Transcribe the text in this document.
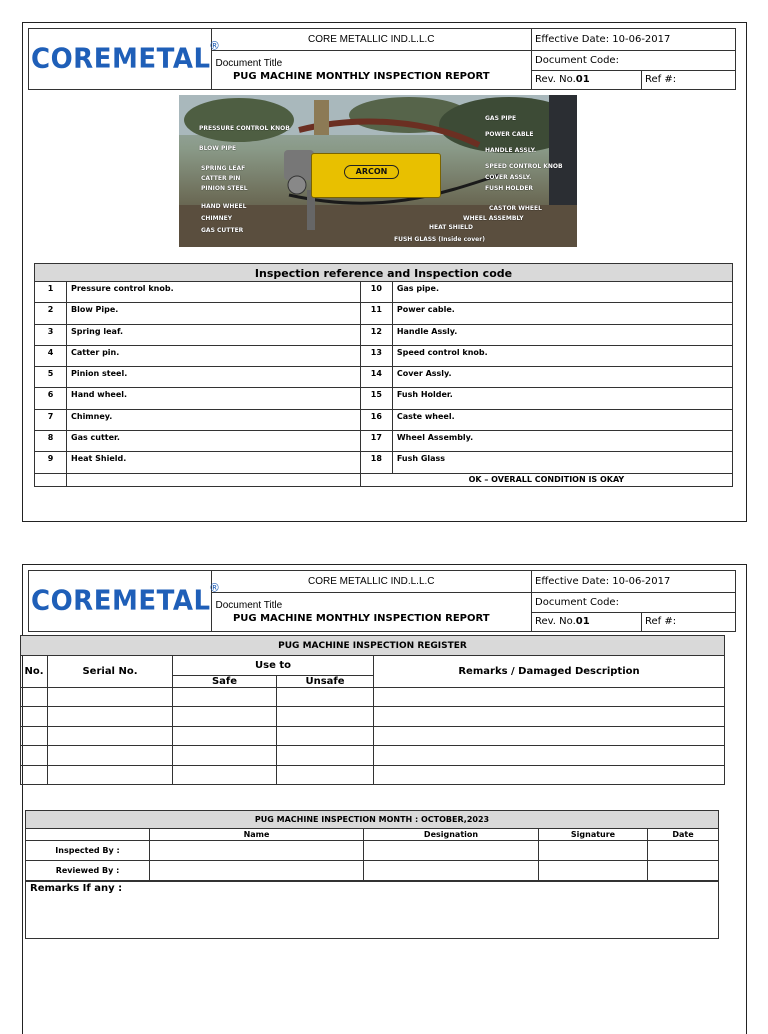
COREMETAL
®	CORE METALLIC IND.L.L.C	Effective Date: 10-06-2017	

	Document Title
PUG MACHINE MONTHLY INSPECTION REPORT	Document Code:	
		Rev. No.01	Ref #:
ARCON
PRESSURE CONTROL KNOB
BLOW PIPE
SPRING LEAF
CATTER PIN
PINION STEEL
HAND WHEEL
CHIMNEY
GAS CUTTER
GAS PIPE
POWER CABLE
HANDLE ASSLY.
SPEED CONTROL KNOB
COVER ASSLY.
FUSH HOLDER
CASTOR WHEEL
WHEEL ASSEMBLY
HEAT SHIELD
FUSH GLASS (Inside cover)
Inspection reference and Inspection code			
1	Pressure control knob.	10	Gas pipe.
2	Blow Pipe.	11	Power cable.
3	Spring leaf.	12	Handle Assly.
4	Catter pin.	13	Speed control knob.
5	Pinion steel.	14	Cover Assly.
6	Hand wheel.	15	Fush Holder.
7	Chimney.	16	Caste wheel.
8	Gas cutter.	17	Wheel Assembly.
9	Heat Shield.	18	Fush Glass
		OK – OVERALL CONDITION IS OKAY	
COREMETAL
®	CORE METALLIC IND.L.L.C	Effective Date: 10-06-2017	

	Document Title
PUG MACHINE MONTHLY INSPECTION REPORT	Document Code:	
		Rev. No.01	Ref #:
PUG MACHINE INSPECTION REGISTER				
No.	Serial No.	Use to		Remarks / Damaged Description
		Safe	Unsafe	

PUG MACHINE INSPECTION MONTH : OCTOBER,2023				
	Name	Designation	Signature	Date
Inspected By :				
Reviewed By :				
Remarks If any :
